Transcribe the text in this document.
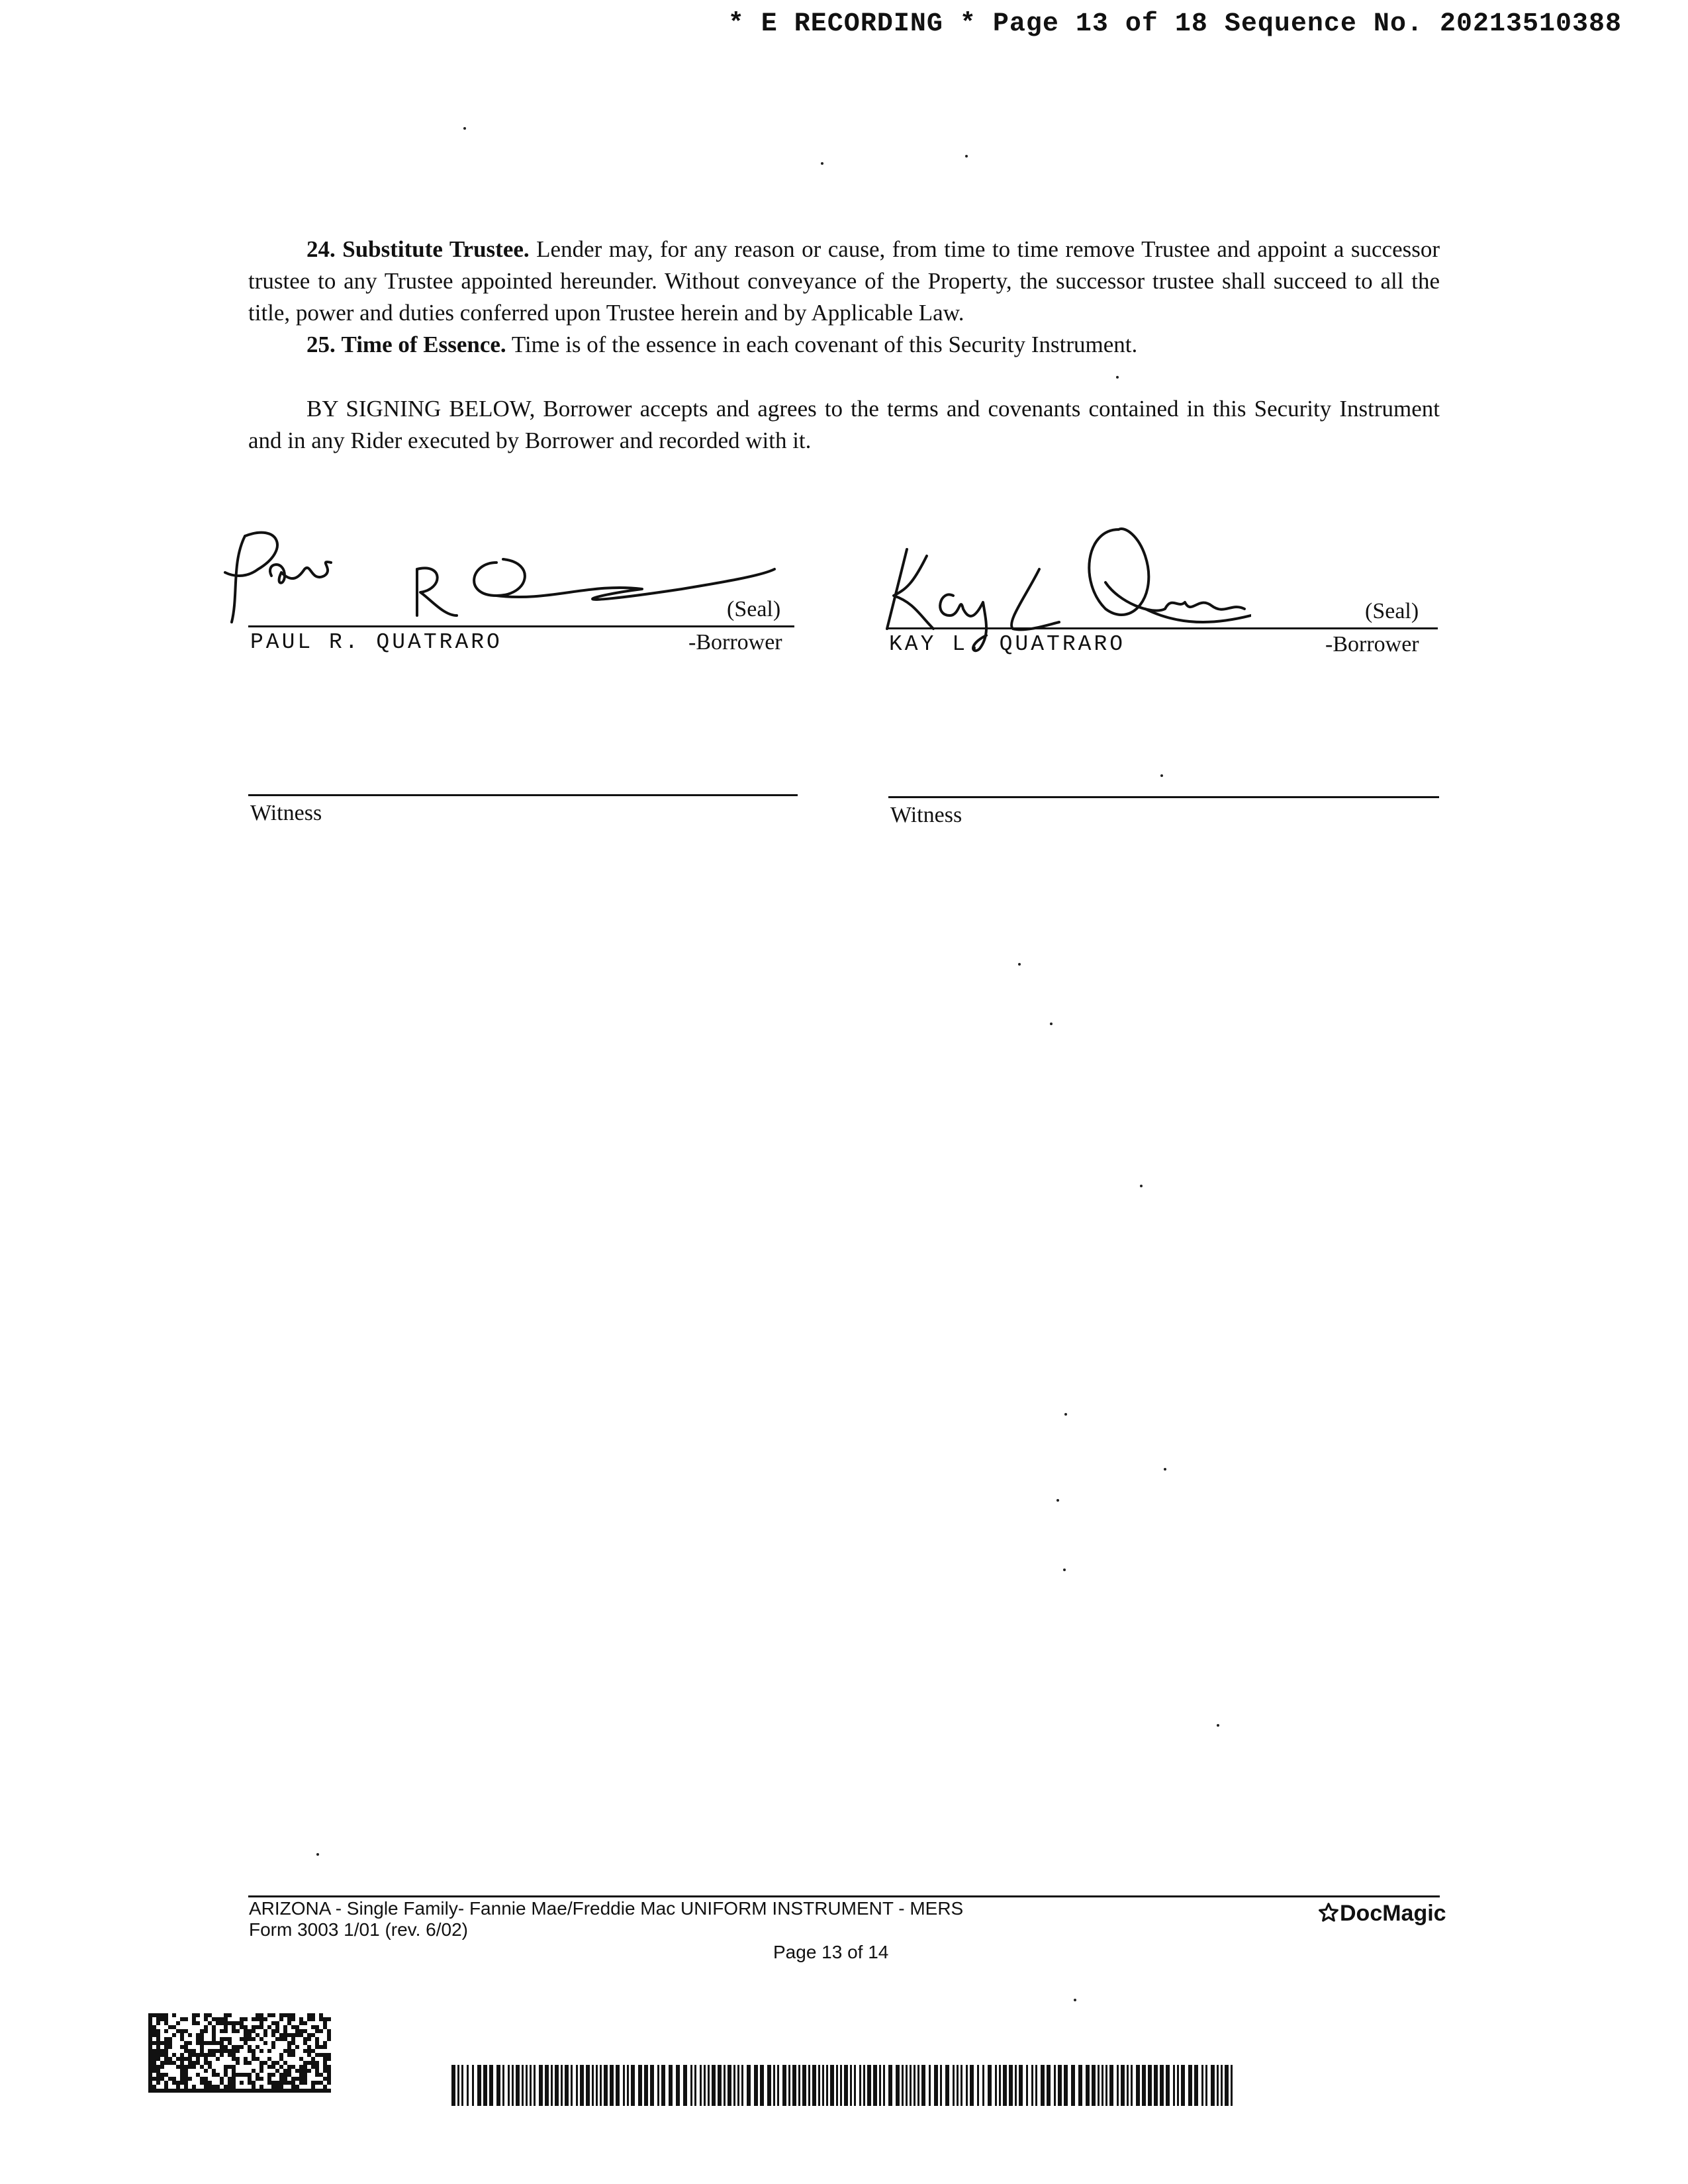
* E RECORDING * Page 13 of 18 Sequence No. 20213510388

24. Substitute Trustee. Lender may, for any reason or cause, from time to time remove Trustee and appoint a successor trustee to any Trustee appointed hereunder. Without conveyance of the Property, the successor trustee shall succeed to all the title, power and duties conferred upon Trustee herein and by Applicable Law.

25. Time of Essence. Time is of the essence in each covenant of this Security Instrument.

BY SIGNING BELOW, Borrower accepts and agrees to the terms and covenants contained in this Security Instrument and in any Rider executed by Borrower and recorded with it.

(Seal)
PAUL R. QUATRARO	-Borrower
(Seal)
KAY L. QUATRARO	-Borrower
Witness	Witness
ARIZONA - Single Family- Fannie Mae/Freddie Mac UNIFORM INSTRUMENT - MERS
Form 3003 1/01 (rev. 6/02)
Page 13 of 14
DocMagic
